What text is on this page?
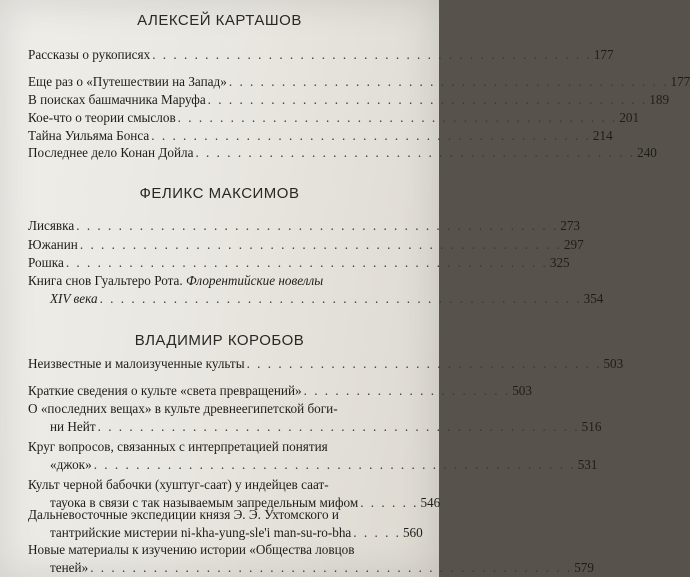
АЛЕКСЕЙ КАРТАШОВ
Рассказы о рукописях . . . . . . . . . . . . . . . . . . . . . . . . . . . . . . . . . . . . . . . . . . 177
Еще раз о «Путешествии на Запад» . . . . . . . . . . . . . . . . . . . . . . . . . . . . . . . . . . . . . . . . . . 177
В поисках башмачника Маруфа . . . . . . . . . . . . . . . . . . . . . . . . . . . . . . . . . . . . . . . . . . 189
Кое-что о теории смыслов . . . . . . . . . . . . . . . . . . . . . . . . . . . . . . . . . . . . . . . . . . 201
Тайна Уильяма Бонса . . . . . . . . . . . . . . . . . . . . . . . . . . . . . . . . . . . . . . . . . . 214
Последнее дело Конан Дойла . . . . . . . . . . . . . . . . . . . . . . . . . . . . . . . . . . . . . . . . . . 240
ФЕЛИКС МАКСИМОВ
Лисявка . . . . . . . . . . . . . . . . . . . . . . . . . . . . . . . . . . . . . . . . . . . . . . 273
Южанин . . . . . . . . . . . . . . . . . . . . . . . . . . . . . . . . . . . . . . . . . . . . . . 297
Рошка . . . . . . . . . . . . . . . . . . . . . . . . . . . . . . . . . . . . . . . . . . . . . . 325
Книга снов Гуальтеро Рота. Флорентийские новеллы
XIV века . . . . . . . . . . . . . . . . . . . . . . . . . . . . . . . . . . . . . . . . . . . . . . 354
ВЛАДИМИР КОРОБОВ
Неизвестные и малоизученные культы . . . . . . . . . . . . . . . . . . . . . . . . . . . . . . . . . . 503
Краткие сведения о культе «света превращений» . . . . . . . . . . . . . . . . . . . . 503
О «последних вещах» в культе древнеегипетской боги-
ни Нейт . . . . . . . . . . . . . . . . . . . . . . . . . . . . . . . . . . . . . . . . . . . . . . 516
Круг вопросов, связанных с интерпретацией понятия
«джок» . . . . . . . . . . . . . . . . . . . . . . . . . . . . . . . . . . . . . . . . . . . . . . 531
Культ черной бабочки (хуштуг-саат) у индейцев саат-
тауока в связи с так называемым запредельным мифом . . . . . . 546
Дальневосточные экспедиции князя Э. Э. Ухтомского и
тантрийские мистерии ni-kha-yung-sle'i man-su-ro-bha . . . . . 560
Новые материалы к изучению истории «Общества ловцов
теней» . . . . . . . . . . . . . . . . . . . . . . . . . . . . . . . . . . . . . . . . . . . . . . 579
